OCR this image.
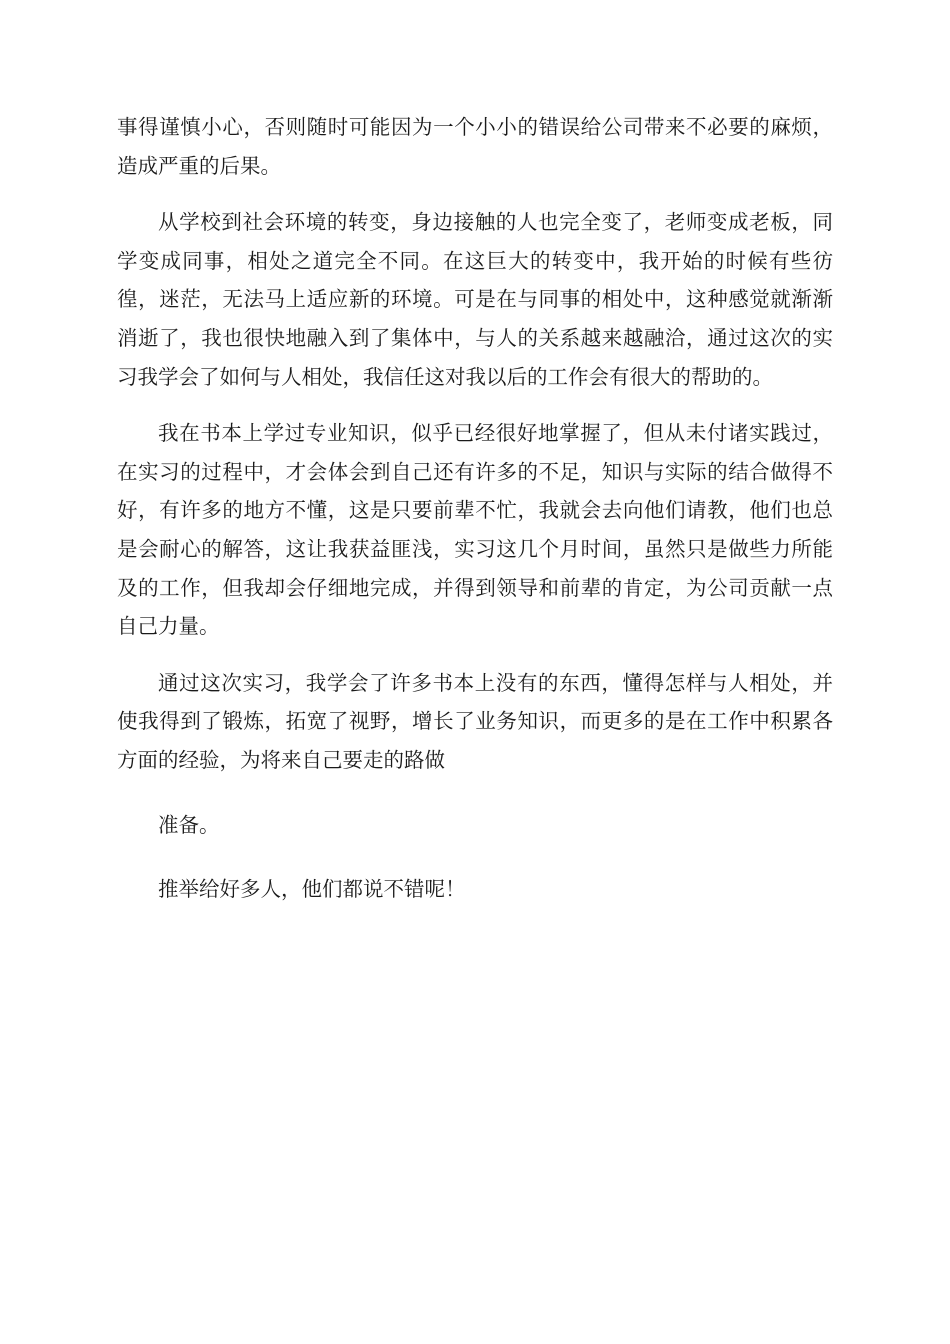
事得谨慎小心，否则随时可能因为一个小小的错误给公司带来不必要的麻烦，造成严重的后果。

从学校到社会环境的转变，身边接触的人也完全变了，老师变成老板，同学变成同事，相处之道完全不同。在这巨大的转变中，我开始的时候有些彷徨，迷茫，无法马上适应新的环境。可是在与同事的相处中，这种感觉就渐渐消逝了，我也很快地融入到了集体中，与人的关系越来越融洽，通过这次的实习我学会了如何与人相处，我信任这对我以后的工作会有很大的帮助的。

我在书本上学过专业知识，似乎已经很好地掌握了，但从未付诸实践过，在实习的过程中，才会体会到自己还有许多的不足，知识与实际的结合做得不好，有许多的地方不懂，这是只要前辈不忙，我就会去向他们请教，他们也总是会耐心的解答，这让我获益匪浅，实习这几个月时间，虽然只是做些力所能及的工作，但我却会仔细地完成，并得到领导和前辈的肯定，为公司贡献一点自己力量。

通过这次实习，我学会了许多书本上没有的东西，懂得怎样与人相处，并使我得到了锻炼，拓宽了视野，增长了业务知识，而更多的是在工作中积累各方面的经验，为将来自己要走的路做

准备。

推举给好多人，他们都说不错呢！
